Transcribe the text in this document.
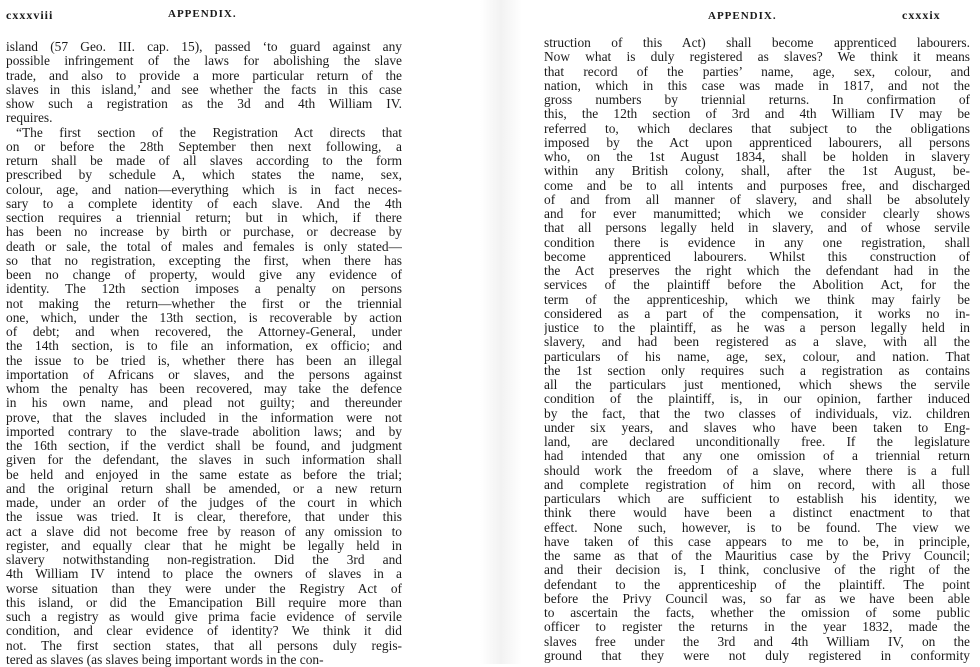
cxxxviii	APPENDIX.
island (57 Geo. III. cap. 15), passed ‘to guard against any
possible infringement of the laws for abolishing the slave
trade, and also to provide a more particular return of the
slaves in this island,’ and see whether the facts in this case
show such a registration as the 3d and 4th William IV.
requires.
“The first section of the Registration Act directs that
on or before the 28th September then next following, a
return shall be made of all slaves according to the form
prescribed by schedule A, which states the name, sex,
colour, age, and nation—everything which is in fact neces-
sary to a complete identity of each slave. And the 4th
section requires a triennial return; but in which, if there
has been no increase by birth or purchase, or decrease by
death or sale, the total of males and females is only stated—
so that no registration, excepting the first, when there has
been no change of property, would give any evidence of
identity. The 12th section imposes a penalty on persons
not making the return—whether the first or the triennial
one, which, under the 13th section, is recoverable by action
of debt; and when recovered, the Attorney-General, under
the 14th section, is to file an information, ex officio; and
the issue to be tried is, whether there has been an illegal
importation of Africans or slaves, and the persons against
whom the penalty has been recovered, may take the defence
in his own name, and plead not guilty; and thereunder
prove, that the slaves included in the information were not
imported contrary to the slave-trade abolition laws; and by
the 16th section, if the verdict shall be found, and judgment
given for the defendant, the slaves in such information shall
be held and enjoyed in the same estate as before the trial;
and the original return shall be amended, or a new return
made, under an order of the judges of the court in which
the issue was tried. It is clear, therefore, that under this
act a slave did not become free by reason of any omission to
register, and equally clear that he might be legally held in
slavery notwithstanding non-registration. Did the 3rd and
4th William IV intend to place the owners of slaves in a
worse situation than they were under the Registry Act of
this island, or did the Emancipation Bill require more than
such a registry as would give prima facie evidence of servile
condition, and clear evidence of identity? We think it did
not. The first section states, that all persons duly regis-
tered as slaves (as slaves being important words in the con-
APPENDIX.	cxxxix
struction of this Act) shall become apprenticed labourers.
Now what is duly registered as slaves? We think it means
that record of the parties’ name, age, sex, colour, and
nation, which in this case was made in 1817, and not the
gross numbers by triennial returns. In confirmation of
this, the 12th section of 3rd and 4th William IV may be
referred to, which declares that subject to the obligations
imposed by the Act upon apprenticed labourers, all persons
who, on the 1st August 1834, shall be holden in slavery
within any British colony, shall, after the 1st August, be-
come and be to all intents and purposes free, and discharged
of and from all manner of slavery, and shall be absolutely
and for ever manumitted; which we consider clearly shows
that all persons legally held in slavery, and of whose servile
condition there is evidence in any one registration, shall
become apprenticed labourers. Whilst this construction of
the Act preserves the right which the defendant had in the
services of the plaintiff before the Abolition Act, for the
term of the apprenticeship, which we think may fairly be
considered as a part of the compensation, it works no in-
justice to the plaintiff, as he was a person legally held in
slavery, and had been registered as a slave, with all the
particulars of his name, age, sex, colour, and nation. That
the 1st section only requires such a registration as contains
all the particulars just mentioned, which shews the servile
condition of the plaintiff, is, in our opinion, farther induced
by the fact, that the two classes of individuals, viz. children
under six years, and slaves who have been taken to Eng-
land, are declared unconditionally free. If the legislature
had intended that any one omission of a triennial return
should work the freedom of a slave, where there is a full
and complete registration of him on record, with all those
particulars which are sufficient to establish his identity, we
think there would have been a distinct enactment to that
effect. None such, however, is to be found. The view we
have taken of this case appears to me to be, in principle,
the same as that of the Mauritius case by the Privy Council;
and their decision is, I think, conclusive of the right of the
defendant to the apprenticeship of the plaintiff. The point
before the Privy Council was, so far as we have been able
to ascertain the facts, whether the omission of some public
officer to register the returns in the year 1832, made the
slaves free under the 3rd and 4th William IV, on the
ground that they were not duly registered in conformity
